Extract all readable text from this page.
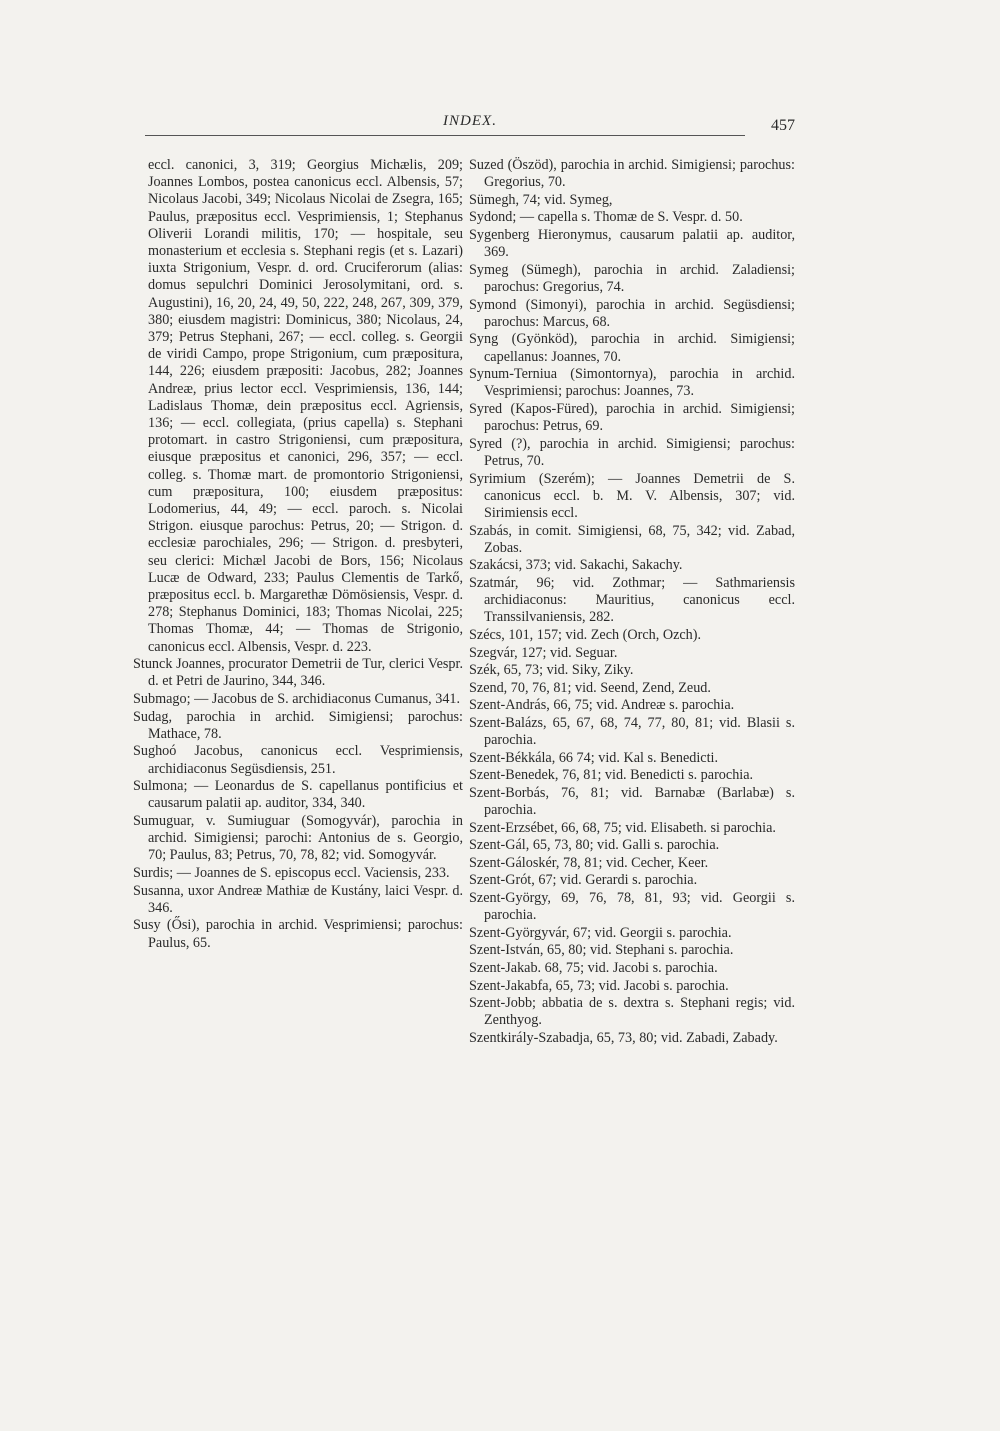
INDEX.	457

eccl. canonici, 3, 319; Georgius Michælis, 209; Joannes Lombos, postea canonicus eccl. Albensis, 57; Nicolaus Jacobi, 349; Nicolaus Nicolai de Zsegra, 165; Paulus, præpositus eccl. Vesprimiensis, 1; Stephanus Oliverii Lorandi militis, 170; — hospitale, seu monasterium et ecclesia s. Stephani regis (et s. Lazari) iuxta Strigonium, Vespr. d. ord. Cruciferorum (alias: domus sepulchri Dominici Jerosolymitani, ord. s. Augustini), 16, 20, 24, 49, 50, 222, 248, 267, 309, 379, 380; eiusdem magistri: Dominicus, 380; Nicolaus, 24, 379; Petrus Stephani, 267; — eccl. colleg. s. Georgii de viridi Campo, prope Strigonium, cum præpositura, 144, 226; eiusdem præpositi: Jacobus, 282; Joannes Andreæ, prius lector eccl. Vesprimiensis, 136, 144; Ladislaus Thomæ, dein præpositus eccl. Agriensis, 136; — eccl. collegiata, (prius capella) s. Stephani protomart. in castro Strigoniensi, cum præpositura, eiusque præpositus et canonici, 296, 357; — eccl. colleg. s. Thomæ mart. de promontorio Strigoniensi, cum præpositura, 100; eiusdem præpositus: Lodomerius, 44, 49; — eccl. paroch. s. Nicolai Strigon. eiusque parochus: Petrus, 20; — Strigon. d. ecclesiæ parochiales, 296; — Strigon. d. presbyteri, seu clerici: Michæl Jacobi de Bors, 156; Nicolaus Lucæ de Odward, 233; Paulus Clementis de Tarkő, præpositus eccl. b. Margarethæ Dömösiensis, Vespr. d. 278; Stephanus Dominici, 183; Thomas Nicolai, 225; Thomas Thomæ, 44; — Thomas de Strigonio, canonicus eccl. Albensis, Vespr. d. 223.

Stunck Joannes, procurator Demetrii de Tur, clerici Vespr. d. et Petri de Jaurino, 344, 346.

Submago; — Jacobus de S. archidiaconus Cumanus, 341.

Sudag, parochia in archid. Simigiensi; parochus: Mathace, 78.

Sughoó Jacobus, canonicus eccl. Vesprimiensis, archidiaconus Següsdiensis, 251.

Sulmona; — Leonardus de S. capellanus pontificius et causarum palatii ap. auditor, 334, 340.

Sumuguar, v. Sumiuguar (Somogyvár), parochia in archid. Simigiensi; parochi: Antonius de s. Georgio, 70; Paulus, 83; Petrus, 70, 78, 82; vid. Somogyvár.

Surdis; — Joannes de S. episcopus eccl. Vaciensis, 233.

Susanna, uxor Andreæ Mathiæ de Kustány, laici Vespr. d. 346.

Susy (Ősi), parochia in archid. Vesprimiensi; parochus: Paulus, 65.

Suzed (Öszöd), parochia in archid. Simigiensi; parochus: Gregorius, 70.

Sümegh, 74; vid. Symeg,

Sydond; — capella s. Thomæ de S. Vespr. d. 50.

Sygenberg Hieronymus, causarum palatii ap. auditor, 369.

Symeg (Sümegh), parochia in archid. Zaladiensi; parochus: Gregorius, 74.

Symond (Simonyi), parochia in archid. Següsdiensi; parochus: Marcus, 68.

Syng (Gyönköd), parochia in archid. Simigiensi; capellanus: Joannes, 70.

Synum-Terniua (Simontornya), parochia in archid. Vesprimiensi; parochus: Joannes, 73.

Syred (Kapos-Füred), parochia in archid. Simigiensi; parochus: Petrus, 69.

Syred (?), parochia in archid. Simigiensi; parochus: Petrus, 70.

Syrimium (Szerém); — Joannes Demetrii de S. canonicus eccl. b. M. V. Albensis, 307; vid. Sirimiensis eccl.

Szabás, in comit. Simigiensi, 68, 75, 342; vid. Zabad, Zobas.

Szakácsi, 373; vid. Sakachi, Sakachy.

Szatmár, 96; vid. Zothmar; — Sathmariensis archidiaconus: Mauritius, canonicus eccl. Transsilvaniensis, 282.

Szécs, 101, 157; vid. Zech (Orch, Ozch).

Szegvár, 127; vid. Seguar.

Szék, 65, 73; vid. Siky, Ziky.

Szend, 70, 76, 81; vid. Seend, Zend, Zeud.

Szent-András, 66, 75; vid. Andreæ s. parochia.

Szent-Balázs, 65, 67, 68, 74, 77, 80, 81; vid. Blasii s. parochia.

Szent-Békkála, 66 74; vid. Kal s. Benedicti.

Szent-Benedek, 76, 81; vid. Benedicti s. parochia.

Szent-Borbás, 76, 81; vid. Barnabæ (Barlabæ) s. parochia.

Szent-Erzsébet, 66, 68, 75; vid. Elisabeth. si parochia.

Szent-Gál, 65, 73, 80; vid. Galli s. parochia.

Szent-Gáloskér, 78, 81; vid. Cecher, Keer.

Szent-Grót, 67; vid. Gerardi s. parochia.

Szent-György, 69, 76, 78, 81, 93; vid. Georgii s. parochia.

Szent-Györgyvár, 67; vid. Georgii s. parochia.

Szent-István, 65, 80; vid. Stephani s. parochia.

Szent-Jakab. 68, 75; vid. Jacobi s. parochia.

Szent-Jakabfa, 65, 73; vid. Jacobi s. parochia.

Szent-Jobb; abbatia de s. dextra s. Stephani regis; vid. Zenthyog.

Szentkirály-Szabadja, 65, 73, 80; vid. Zabadi, Zabady.
